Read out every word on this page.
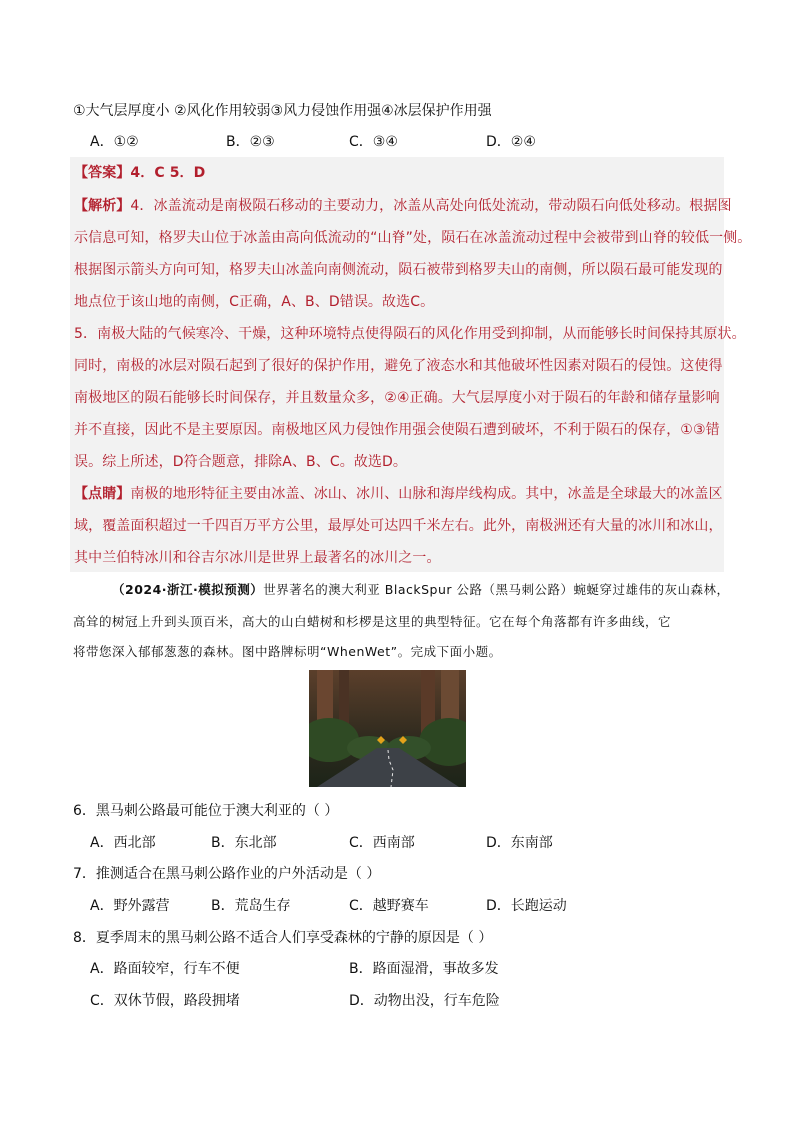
①大气层厚度小 ②风化作用较弱③风力侵蚀作用强④冰层保护作用强
A．①②	B．②③	C．③④	D．②④
【答案】4．C 5．D
【解析】4．冰盖流动是南极陨石移动的主要动力，冰盖从高处向低处流动，带动陨石向低处移动。根据图
示信息可知，格罗夫山位于冰盖由高向低流动的“山脊”处，陨石在冰盖流动过程中会被带到山脊的较低一侧。
根据图示箭头方向可知，格罗夫山冰盖向南侧流动，陨石被带到格罗夫山的南侧，所以陨石最可能发现的
地点位于该山地的南侧，C正确，A、B、D错误。故选C。
5．南极大陆的气候寒冷、干燥，这种环境特点使得陨石的风化作用受到抑制，从而能够长时间保持其原状。
同时，南极的冰层对陨石起到了很好的保护作用，避免了液态水和其他破坏性因素对陨石的侵蚀。这使得
南极地区的陨石能够长时间保存，并且数量众多，②④正确。大气层厚度小对于陨石的年龄和储存量影响
并不直接，因此不是主要原因。南极地区风力侵蚀作用强会使陨石遭到破坏，不利于陨石的保存，①③错
误。综上所述，D符合题意，排除A、B、C。故选D。
【点睛】南极的地形特征主要由冰盖、冰山、冰川、山脉和海岸线构成。其中，冰盖是全球最大的冰盖区
域，覆盖面积超过一千四百万平方公里，最厚处可达四千米左右。此外，南极洲还有大量的冰川和冰山，
其中兰伯特冰川和谷吉尔冰川是世界上最著名的冰川之一。
（2024·浙江·模拟预测）世界著名的澳大利亚 BlackSpur 公路（黑马刺公路）蜿蜒穿过雄伟的灰山森林，
高耸的树冠上升到头顶百米，高大的山白蜡树和杉椤是这里的典型特征。它在每个角落都有许多曲线，它
将带您深入郁郁葱葱的森林。图中路牌标明“WhenWet”。完成下面小题。
6．黑马刺公路最可能位于澳大利亚的（ ）
A．西北部	B．东北部	C．西南部	D．东南部
7．推测适合在黑马刺公路作业的户外活动是（ ）
A．野外露营	B．荒岛生存	C．越野赛车	D．长跑运动
8．夏季周末的黑马刺公路不适合人们享受森林的宁静的原因是（ ）
A．路面较窄，行车不便	B．路面湿滑，事故多发
C．双休节假，路段拥堵	D．动物出没，行车危险
